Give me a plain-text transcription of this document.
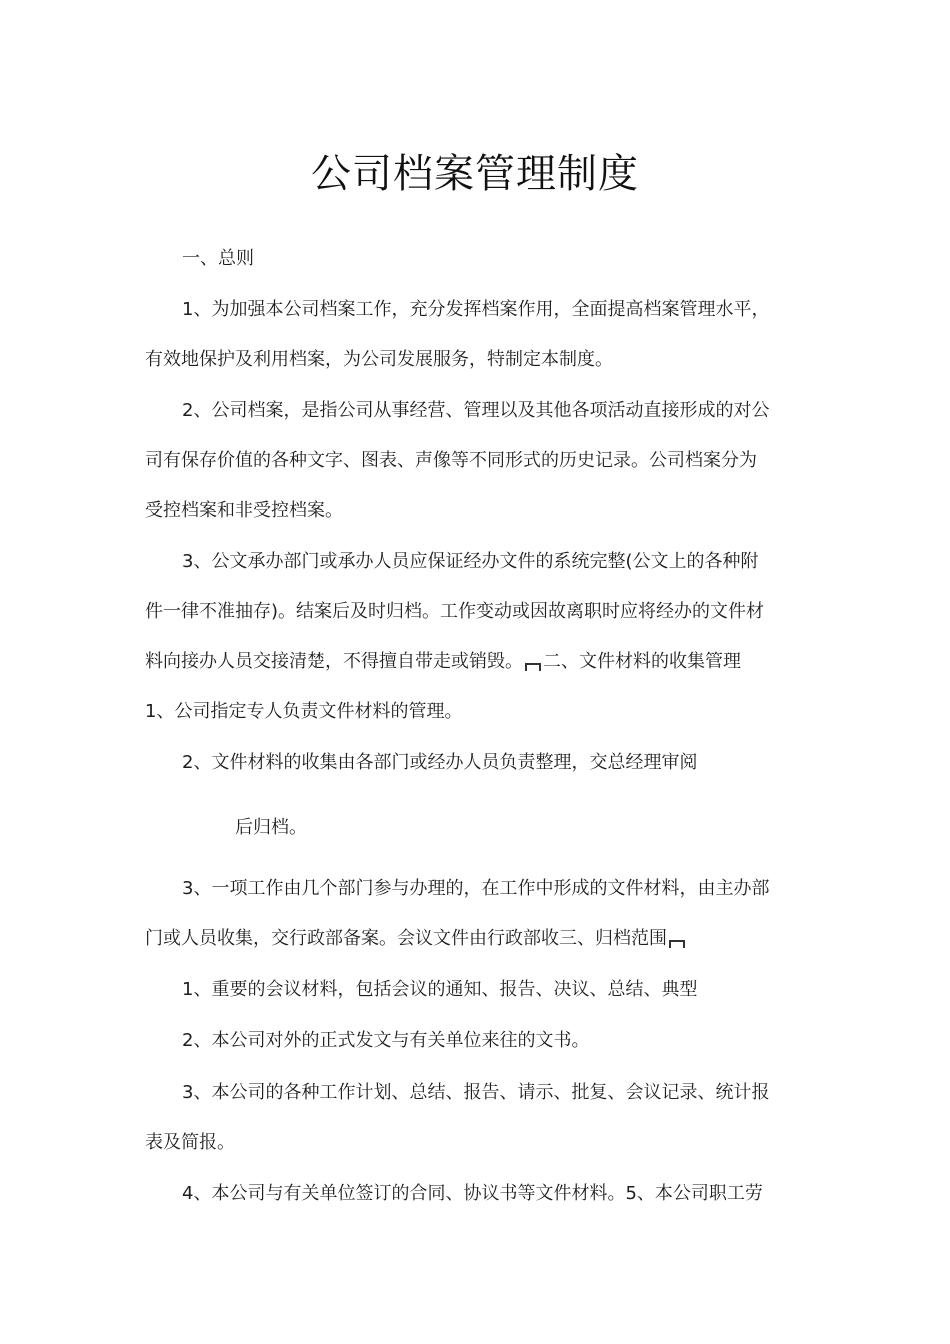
公司档案管理制度
一、总则
1、为加强本公司档案工作，充分发挥档案作用，全面提高档案管理水平，
有效地保护及利用档案，为公司发展服务，特制定本制度。
2、公司档案，是指公司从事经营、管理以及其他各项活动直接形成的对公
司有保存价值的各种文字、图表、声像等不同形式的历史记录。公司档案分为
受控档案和非受控档案。
3、公文承办部门或承办人员应保证经办文件的系统完整(公文上的各种附
件一律不准抽存)。结案后及时归档。工作变动或因故离职时应将经办的文件材
料向接办人员交接清楚，不得擅自带走或销毁。 二、文件材料的收集管理
1、公司指定专人负责文件材料的管理。
2、文件材料的收集由各部门或经办人员负责整理，交总经理审阅
后归档。
3、一项工作由几个部门参与办理的，在工作中形成的文件材料，由主办部
门或人员收集，交行政部备案。会议文件由行政部收三、归档范围
1、重要的会议材料，包括会议的通知、报告、决议、总结、典型
2、本公司对外的正式发文与有关单位来往的文书。
3、本公司的各种工作计划、总结、报告、请示、批复、会议记录、统计报
表及简报。
4、本公司与有关单位签订的合同、协议书等文件材料。5、本公司职工劳
